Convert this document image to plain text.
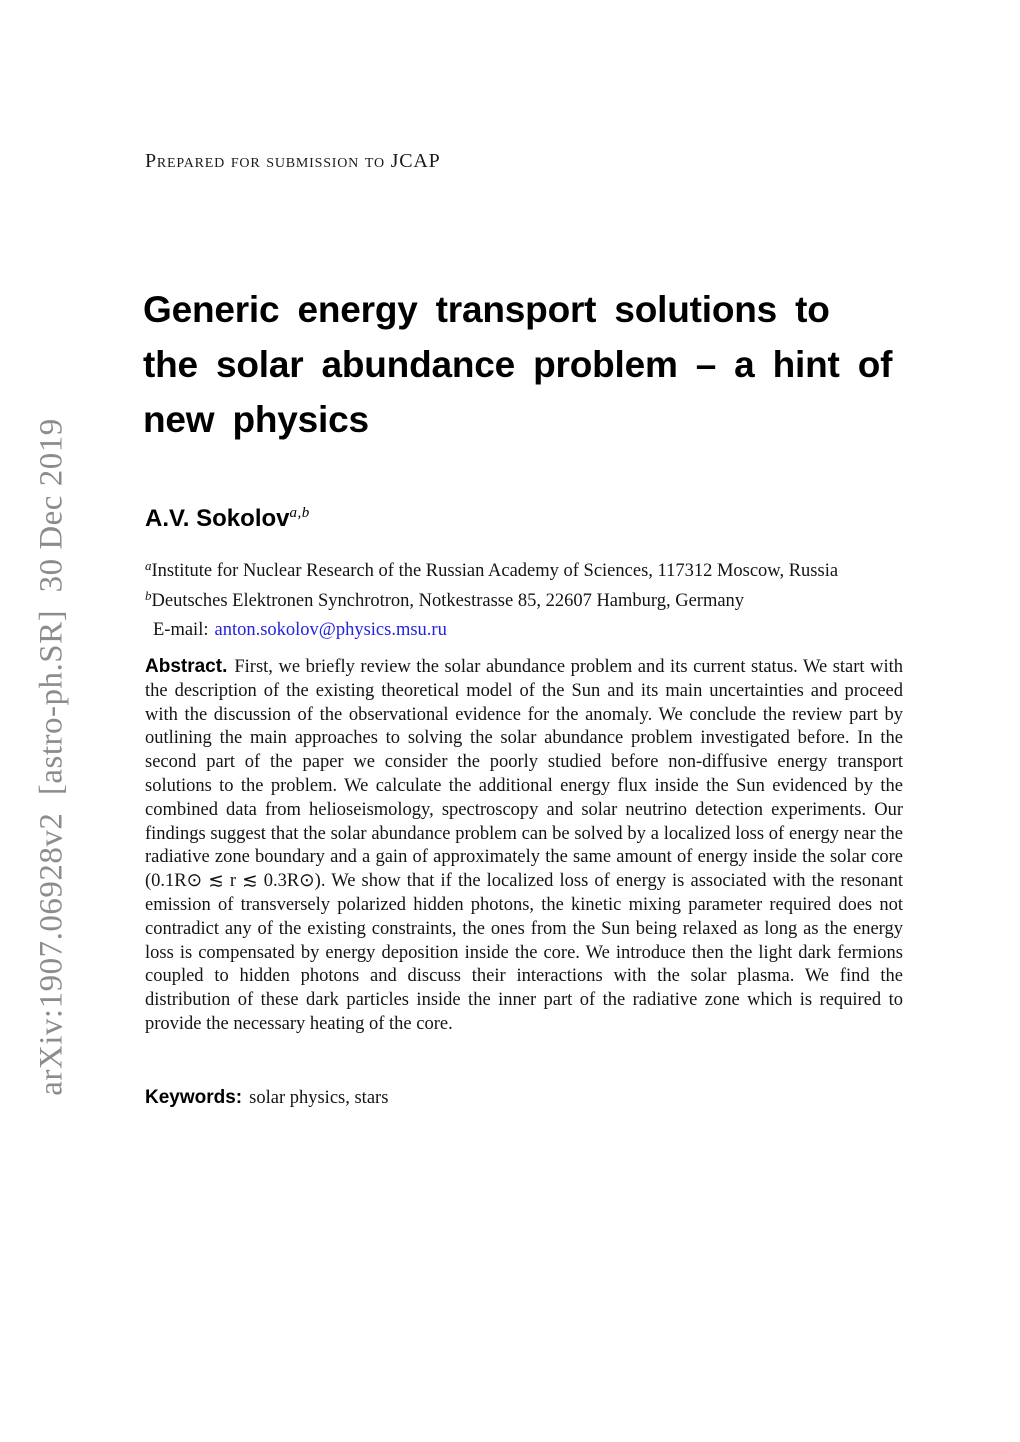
arXiv:1907.06928v2  [astro-ph.SR]  30 Dec 2019
Prepared for submission to JCAP
Generic energy transport solutions to the solar abundance problem – a hint of new physics
A.V. Sokolov$^{a,b}$
$^a$Institute for Nuclear Research of the Russian Academy of Sciences, 117312 Moscow, Russia
$^b$Deutsches Elektronen Synchrotron, Notkestrasse 85, 22607 Hamburg, Germany
E-mail: anton.sokolov@physics.msu.ru

Abstract. First, we briefly review the solar abundance problem and its current status. We start with the description of the existing theoretical model of the Sun and its main uncertainties and proceed with the discussion of the observational evidence for the anomaly. We conclude the review part by outlining the main approaches to solving the solar abundance problem investigated before. In the second part of the paper we consider the poorly studied before non-diffusive energy transport solutions to the problem. We calculate the additional energy flux inside the Sun evidenced by the combined data from helioseismology, spectroscopy and solar neutrino detection experiments. Our findings suggest that the solar abundance problem can be solved by a localized loss of energy near the radiative zone boundary and a gain of approximately the same amount of energy inside the solar core (0.1R⊙ ≲ r ≲ 0.3R⊙). We show that if the localized loss of energy is associated with the resonant emission of transversely polarized hidden photons, the kinetic mixing parameter required does not contradict any of the existing constraints, the ones from the Sun being relaxed as long as the energy loss is compensated by energy deposition inside the core. We introduce then the light dark fermions coupled to hidden photons and discuss their interactions with the solar plasma. We find the distribution of these dark particles inside the inner part of the radiative zone which is required to provide the necessary heating of the core.

Keywords: solar physics, stars
